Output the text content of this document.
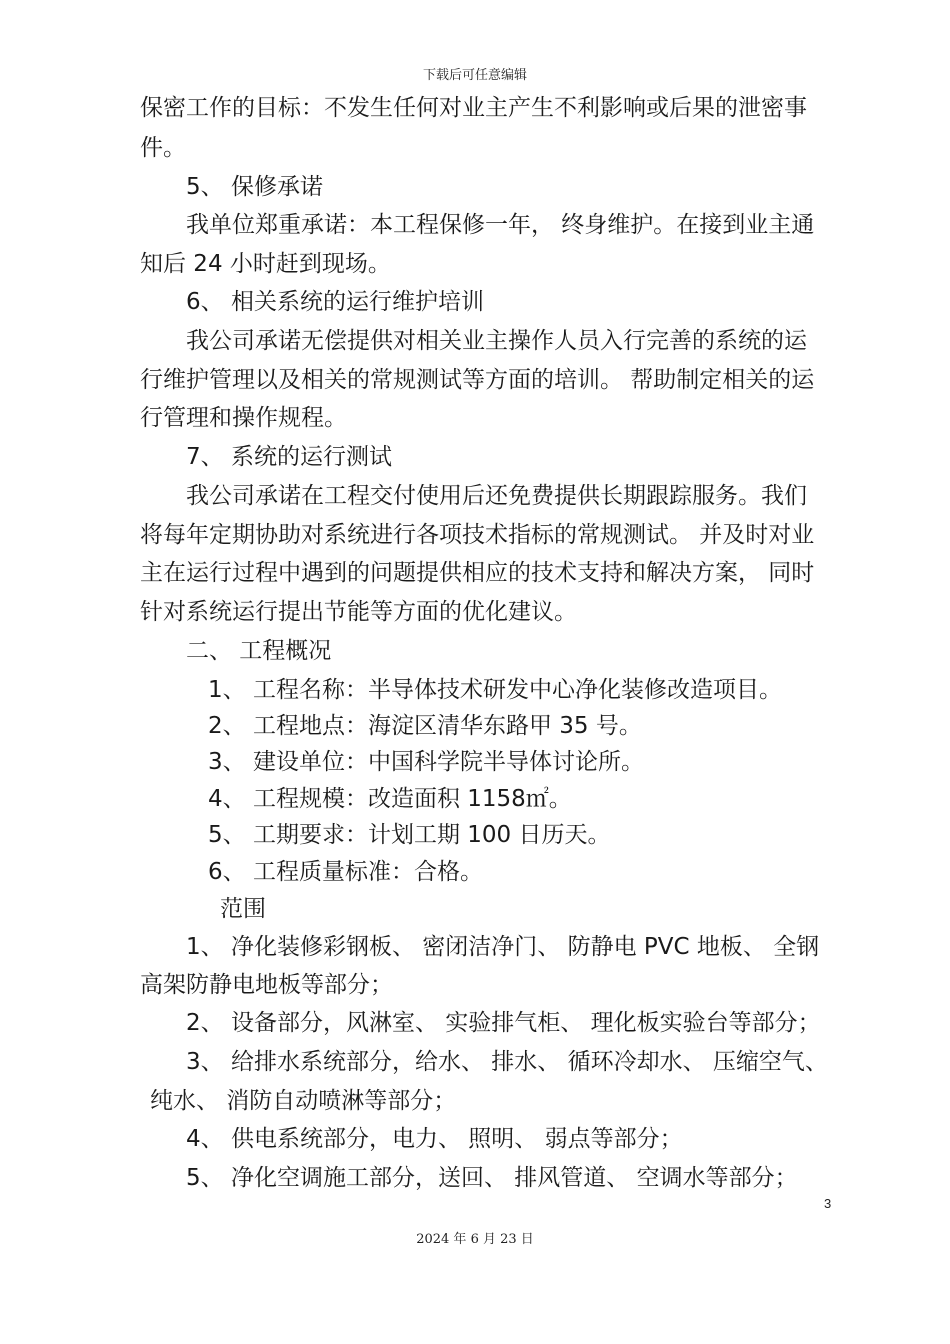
下载后可任意编辑
保密工作的目标：不发生任何对业主产生不利影响或后果的泄密事
件。
5、 保修承诺
我单位郑重承诺：本工程保修一年， 终身维护。在接到业主通
知后 24 小时赶到现场。
6、 相关系统的运行维护培训
我公司承诺无偿提供对相关业主操作人员入行完善的系统的运
行维护管理以及相关的常规测试等方面的培训。 帮助制定相关的运
行管理和操作规程。
7、 系统的运行测试
我公司承诺在工程交付使用后还免费提供长期跟踪服务。我们
将每年定期协助对系统进行各项技术指标的常规测试。 并及时对业
主在运行过程中遇到的问题提供相应的技术支持和解决方案， 同时
针对系统运行提出节能等方面的优化建议。
二、 工程概况
1、 工程名称：半导体技术研发中心净化装修改造项目。
2、 工程地点：海淀区清华东路甲 35 号。
3、 建设单位：中国科学院半导体讨论所。
4、 工程规模：改造面积 1158㎡。
5、 工期要求：计划工期 100 日历天。
6、 工程质量标准：合格。
范围
1、 净化装修彩钢板、 密闭洁净门、 防静电 PVC 地板、 全钢
高架防静电地板等部分；
2、 设备部分，风淋室、 实验排气柜、 理化板实验台等部分；
3、 给排水系统部分，给水、 排水、 循环冷却水、 压缩空气、
纯水、 消防自动喷淋等部分；
4、 供电系统部分，电力、 照明、 弱点等部分；
5、 净化空调施工部分，送回、 排风管道、 空调水等部分；
3
2024 年 6 月 23 日
